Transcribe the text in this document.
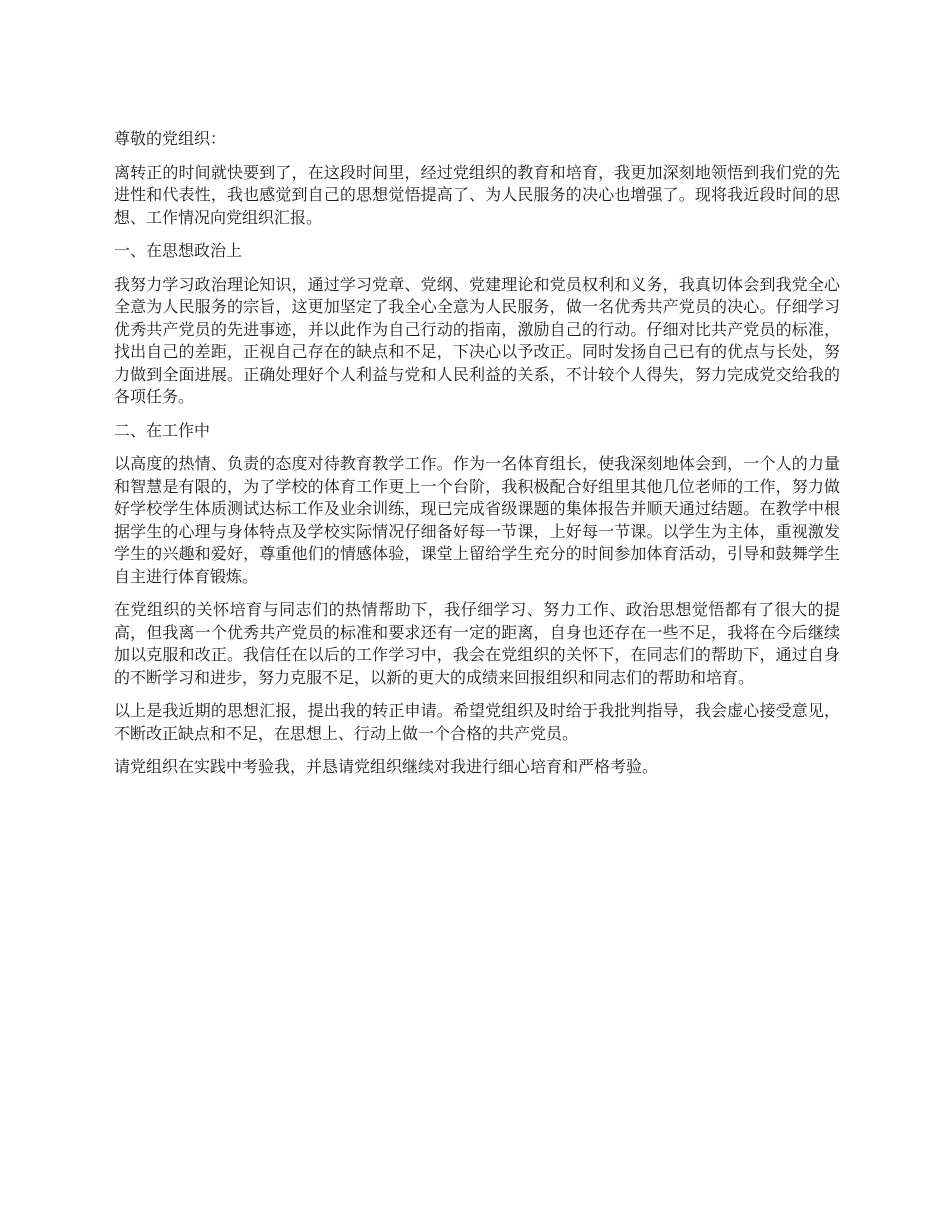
尊敬的党组织：

离转正的时间就快要到了，在这段时间里，经过党组织的教育和培育，我更加深刻地领悟到我们党的先进性和代表性，我也感觉到自己的思想觉悟提高了、为人民服务的决心也增强了。现将我近段时间的思想、工作情况向党组织汇报。

一、在思想政治上

我努力学习政治理论知识，通过学习党章、党纲、党建理论和党员权利和义务，我真切体会到我党全心全意为人民服务的宗旨，这更加坚定了我全心全意为人民服务，做一名优秀共产党员的决心。仔细学习优秀共产党员的先进事迹，并以此作为自己行动的指南，激励自己的行动。仔细对比共产党员的标准，找出自己的差距，正视自己存在的缺点和不足，下决心以予改正。同时发扬自己已有的优点与长处，努力做到全面进展。正确处理好个人利益与党和人民利益的关系，不计较个人得失，努力完成党交给我的各项任务。

二、在工作中

以高度的热情、负责的态度对待教育教学工作。作为一名体育组长，使我深刻地体会到，一个人的力量和智慧是有限的，为了学校的体育工作更上一个台阶，我积极配合好组里其他几位老师的工作，努力做好学校学生体质测试达标工作及业余训练，现已完成省级课题的集体报告并顺天通过结题。在教学中根据学生的心理与身体特点及学校实际情况仔细备好每一节课，上好每一节课。以学生为主体，重视激发学生的兴趣和爱好，尊重他们的情感体验，课堂上留给学生充分的时间参加体育活动，引导和鼓舞学生自主进行体育锻炼。

在党组织的关怀培育与同志们的热情帮助下，我仔细学习、努力工作、政治思想觉悟都有了很大的提高，但我离一个优秀共产党员的标准和要求还有一定的距离，自身也还存在一些不足，我将在今后继续加以克服和改正。我信任在以后的工作学习中，我会在党组织的关怀下，在同志们的帮助下，通过自身的不断学习和进步，努力克服不足，以新的更大的成绩来回报组织和同志们的帮助和培育。

以上是我近期的思想汇报，提出我的转正申请。希望党组织及时给于我批判指导，我会虚心接受意见，不断改正缺点和不足，在思想上、行动上做一个合格的共产党员。

请党组织在实践中考验我，并恳请党组织继续对我进行细心培育和严格考验。
